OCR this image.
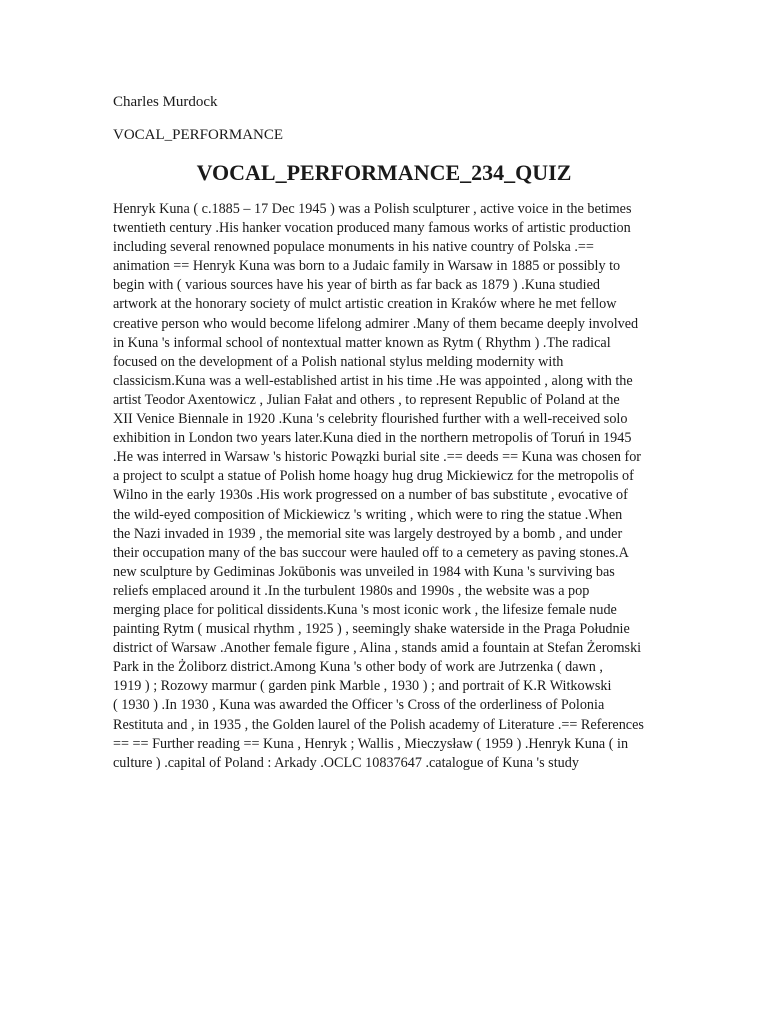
Charles Murdock
VOCAL_PERFORMANCE
VOCAL_PERFORMANCE_234_QUIZ

Henryk Kuna ( c.1885 – 17 Dec 1945 ) was a Polish sculpturer , active voice in the betimes
twentieth century .His hanker vocation produced many famous works of artistic production
including several renowned populace monuments in his native country of Polska .==
animation == Henryk Kuna was born to a Judaic family in Warsaw in 1885 or possibly to
begin with ( various sources have his year of birth as far back as 1879 ) .Kuna studied
artwork at the honorary society of mulct artistic creation in Kraków where he met fellow
creative person who would become lifelong admirer .Many of them became deeply involved
in Kuna 's informal school of nontextual matter known as Rytm ( Rhythm ) .The radical
focused on the development of a Polish national stylus melding modernity with
classicism.Kuna was a well-established artist in his time .He was appointed , along with the
artist Teodor Axentowicz , Julian Fałat and others , to represent Republic of Poland at the
XII Venice Biennale in 1920 .Kuna 's celebrity flourished further with a well-received solo
exhibition in London two years later.Kuna died in the northern metropolis of Toruń in 1945
.He was interred in Warsaw 's historic Powązki burial site .== deeds == Kuna was chosen for
a project to sculpt a statue of Polish home hoagy hug drug Mickiewicz for the metropolis of
Wilno in the early 1930s .His work progressed on a number of bas substitute , evocative of
the wild-eyed composition of Mickiewicz 's writing , which were to ring the statue .When
the Nazi invaded in 1939 , the memorial site was largely destroyed by a bomb , and under
their occupation many of the bas succour were hauled off to a cemetery as paving stones.A
new sculpture by Gediminas Jokūbonis was unveiled in 1984 with Kuna 's surviving bas
reliefs emplaced around it .In the turbulent 1980s and 1990s , the website was a pop
merging place for political dissidents.Kuna 's most iconic work , the lifesize female nude
painting Rytm ( musical rhythm , 1925 ) , seemingly shake waterside in the Praga Południe
district of Warsaw .Another female figure , Alina , stands amid a fountain at Stefan Żeromski
Park in the Żoliborz district.Among Kuna 's other body of work are Jutrzenka ( dawn ,
1919 ) ; Rozowy marmur ( garden pink Marble , 1930 ) ; and portrait of K.R Witkowski
( 1930 ) .In 1930 , Kuna was awarded the Officer 's Cross of the orderliness of Polonia
Restituta and , in 1935 , the Golden laurel of the Polish academy of Literature .== References
== == Further reading == Kuna , Henryk ; Wallis , Mieczysław ( 1959 ) .Henryk Kuna ( in
culture ) .capital of Poland : Arkady .OCLC 10837647 .catalogue of Kuna 's study
